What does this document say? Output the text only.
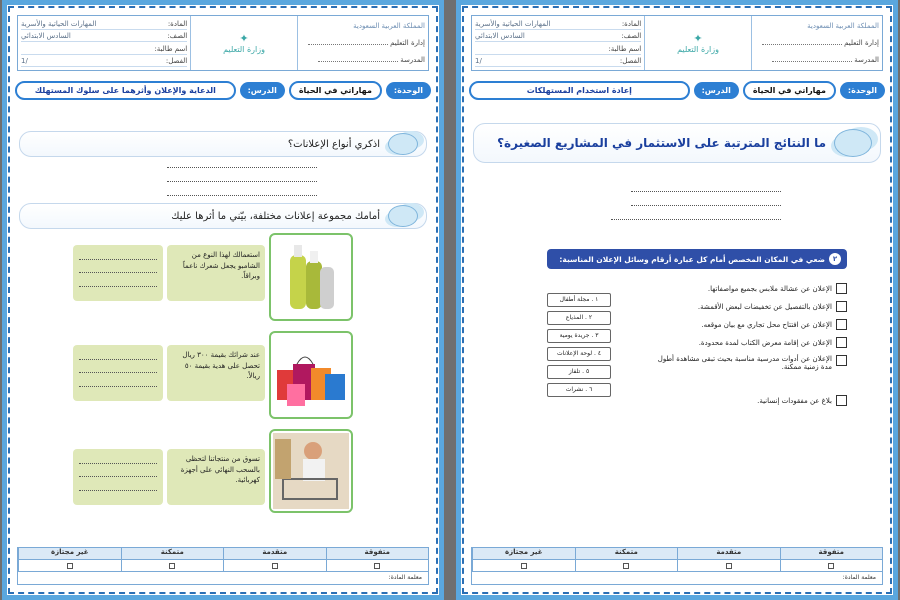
المملكة العربية السعودية
إدارة التعليم
المدرسة
✦
وزارة التعليم
المادة:
المهارات الحياتية والأسرية
الصف:
السادس الابتدائي
اسم طالبة:
الفصل:
/1
الوحدة:
مهاراتي في الحياة
الدرس:
الدعاية والإعلان وأثرهما على سلوك المستهلك
اذكري أنواع الإعلانات؟
أمامك مجموعة إعلانات مختلفة، بيّني ما أثرها عليك
استعمالك لهذا النوع من الشامبو يجعل شعرك ناعماً وبراقاً.
عند شرائك بقيمة ٣٠٠ ريال تحصل على هدية بقيمة ٥٠ ريالاً.
تسوق من منتجاتنا لتحظى بالسحب النهائي على أجهزة كهربائية.
متفوقة
متقدمة
متمكنة
غير مجتازة
معلمة المادة:
المملكة العربية السعودية
إدارة التعليم
المدرسة
✦
وزارة التعليم
المادة:
المهارات الحياتية والأسرية
الصف:
السادس الابتدائي
اسم طالبة:
الفصل:
/1
الوحدة:
مهاراتي في الحياة
الدرس:
إعادة استخدام المستهلكات
ما النتائج المترتبة على الاستثمار في المشاريع الصغيرة؟
٢
ضعي في المكان المخصص أمام كل عبارة أرقام وسائل الإعلان المناسبة:
الإعلان عن عشالة ملابس بجميع مواصفاتها.
الإعلان بالتفصيل عن تخفيضات لبعض الأقمشة.
الإعلان عن افتتاح محل تجاري مع بيان موقعه.
الإعلان عن إقامة معرض الكتاب لمدة محدودة.
الإعلان عن أدوات مدرسية مناسبة بحيث تبقى مشاهدة أطول مدة زمنية ممكنة.
بلاغ عن مفقودات إنسانية.
١ . مجلة أطفال
٢ . المذياع
٣ . جريدة يومية
٤ . لوحة الإعلانات
٥ . تلفاز
٦ . نشرات
متفوقة
متقدمة
متمكنة
غير مجتازة
معلمة المادة:
